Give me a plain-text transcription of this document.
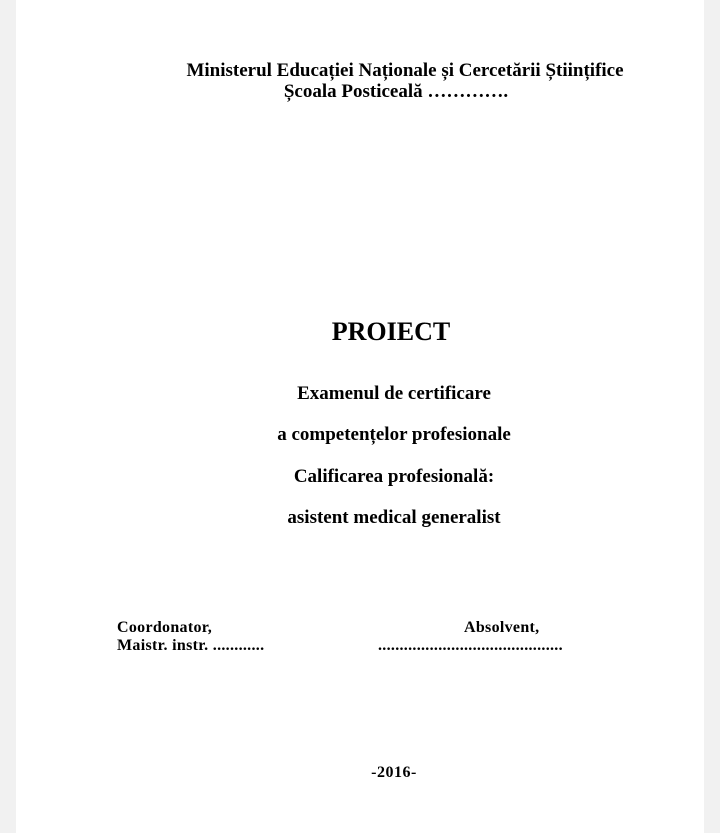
Ministerul Educației Naționale și Cercetării Științifice
Școala Posticeală ………….
PROIECT
Examenul de certificare
a competențelor profesionale
Calificarea profesională:
asistent medical generalist
Coordonator,
Maistr. instr. ............
Absolvent,
...........................................
-2016-
